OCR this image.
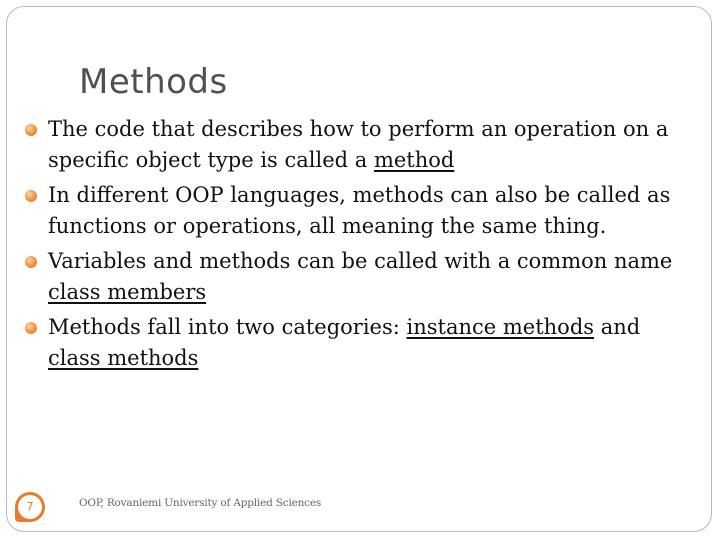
Methods
The code that describes how to perform an operation on a specific object type is called a method
In different OOP languages, methods can also be called as functions or operations, all meaning the same thing.
Variables and methods can be called with a common name class members
Methods fall into two categories: instance methods and class methods
7	OOP, Rovaniemi University of Applied Sciences
